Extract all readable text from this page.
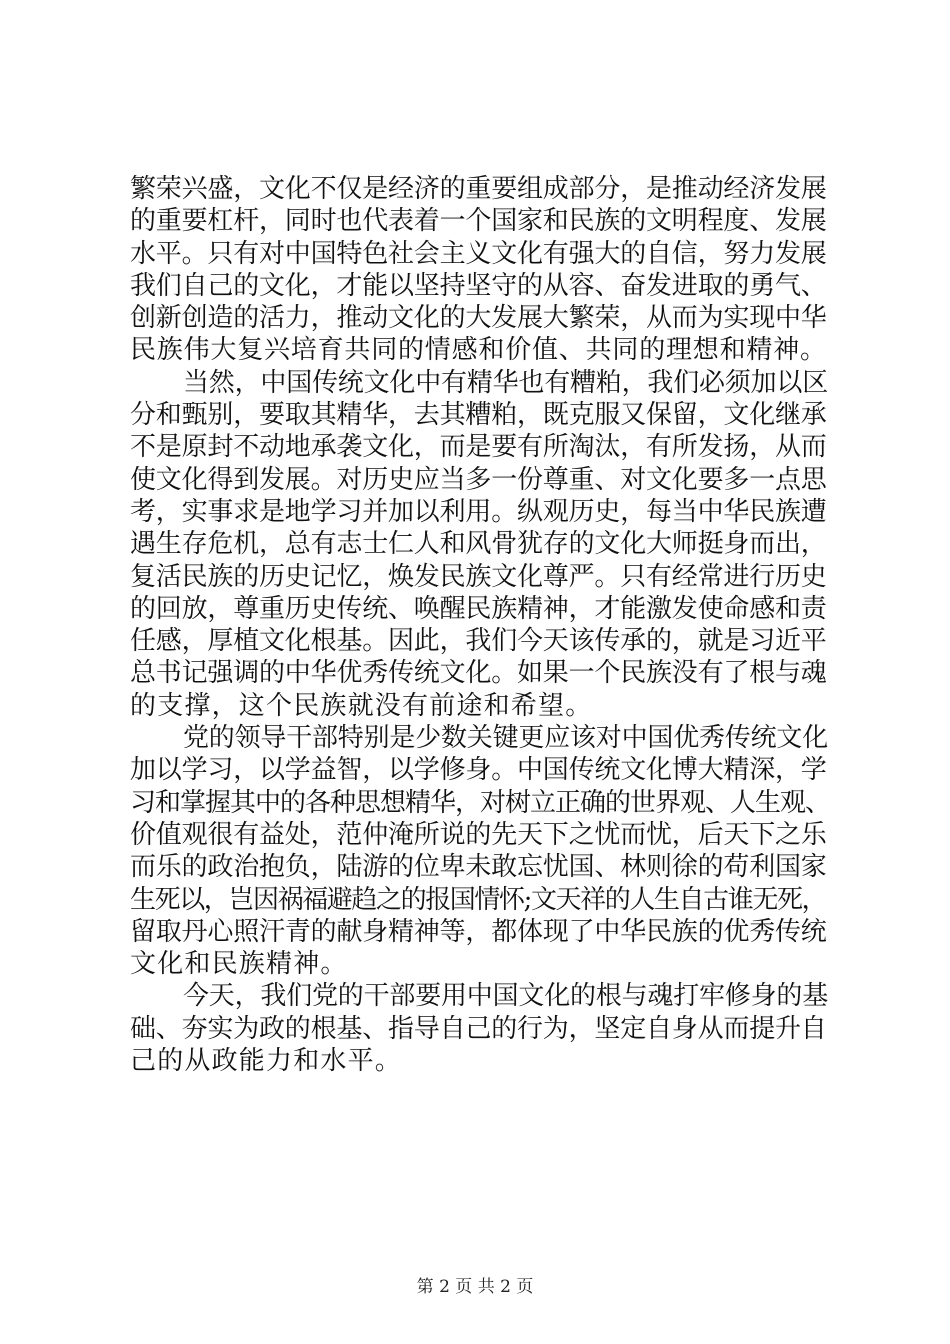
繁荣兴盛，文化不仅是经济的重要组成部分，是推动经济发展
的重要杠杆，同时也代表着一个国家和民族的文明程度、发展
水平。只有对中国特色社会主义文化有强大的自信，努力发展
我们自己的文化，才能以坚持坚守的从容、奋发进取的勇气、
创新创造的活力，推动文化的大发展大繁荣，从而为实现中华
民族伟大复兴培育共同的情感和价值、共同的理想和精神。
当然，中国传统文化中有精华也有糟粕，我们必须加以区
分和甄别，要取其精华，去其糟粕，既克服又保留，文化继承
不是原封不动地承袭文化，而是要有所淘汰，有所发扬，从而
使文化得到发展。对历史应当多一份尊重、对文化要多一点思
考，实事求是地学习并加以利用。纵观历史，每当中华民族遭
遇生存危机，总有志士仁人和风骨犹存的文化大师挺身而出，
复活民族的历史记忆，焕发民族文化尊严。只有经常进行历史
的回放，尊重历史传统、唤醒民族精神，才能激发使命感和责
任感，厚植文化根基。因此，我们今天该传承的，就是习近平
总书记强调的中华优秀传统文化。如果一个民族没有了根与魂
的支撑，这个民族就没有前途和希望。
党的领导干部特别是少数关键更应该对中国优秀传统文化
加以学习，以学益智，以学修身。中国传统文化博大精深，学
习和掌握其中的各种思想精华，对树立正确的世界观、人生观、
价值观很有益处，范仲淹所说的先天下之忧而忧，后天下之乐
而乐的政治抱负，陆游的位卑未敢忘忧国、林则徐的苟利国家
生死以，岂因祸福避趋之的报国情怀;文天祥的人生自古谁无死，
留取丹心照汗青的献身精神等，都体现了中华民族的优秀传统
文化和民族精神。
今天，我们党的干部要用中国文化的根与魂打牢修身的基
础、夯实为政的根基、指导自己的行为，坚定自身从而提升自
己的从政能力和水平。
第 2 页 共 2 页
